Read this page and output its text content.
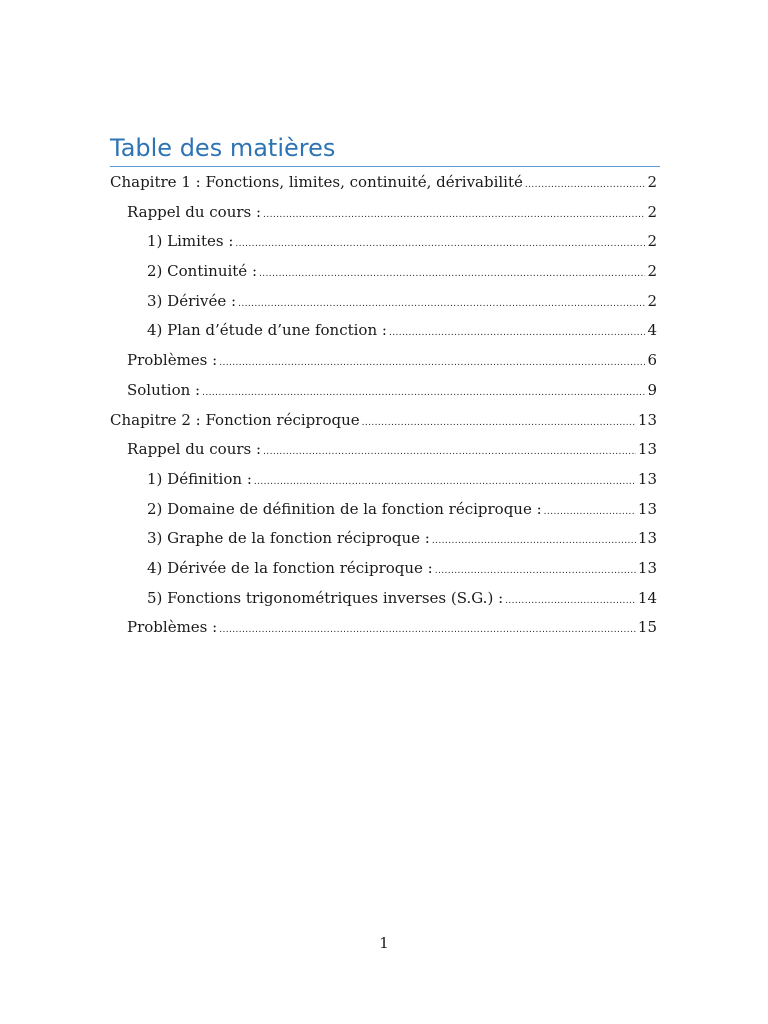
Table des matières
Chapitre 1 : Fonctions, limites, continuité, dérivabilité .....	2
Rappel du cours : .....	2
1) Limites : .....	2
2) Continuité : .....	2
3) Dérivée : .....	2
4) Plan d’étude d’une fonction : .....	4
Problèmes : .....	6
Solution : .....	9
Chapitre 2 : Fonction réciproque .....	13
Rappel du cours : .....	13
1) Définition : .....	13
2) Domaine de définition de la fonction réciproque : .....	13
3) Graphe de la fonction réciproque : .....	13
4) Dérivée de la fonction réciproque : .....	13
5) Fonctions trigonométriques inverses (S.G.) : .....	14
Problèmes : .....	15
1
